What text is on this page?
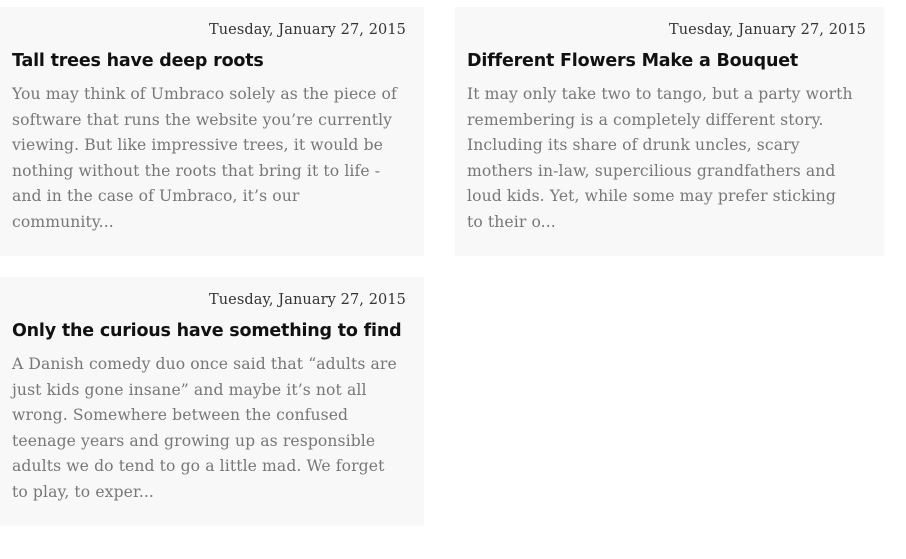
Tuesday, January 27, 2015
Tall trees have deep roots
You may think of Umbraco solely as the piece of
software that runs the website you’re currently
viewing. But like impressive trees, it would be
nothing without the roots that bring it to life -
and in the case of Umbraco, it’s our
community...
Tuesday, January 27, 2015
Different Flowers Make a Bouquet
It may only take two to tango, but a party worth
remembering is a completely different story.
Including its share of drunk uncles, scary
mothers in-law, supercilious grandfathers and
loud kids. Yet, while some may prefer sticking
to their o...
Tuesday, January 27, 2015
Only the curious have something to find
A Danish comedy duo once said that “adults are
just kids gone insane” and maybe it’s not all
wrong. Somewhere between the confused
teenage years and growing up as responsible
adults we do tend to go a little mad. We forget
to play, to exper...
